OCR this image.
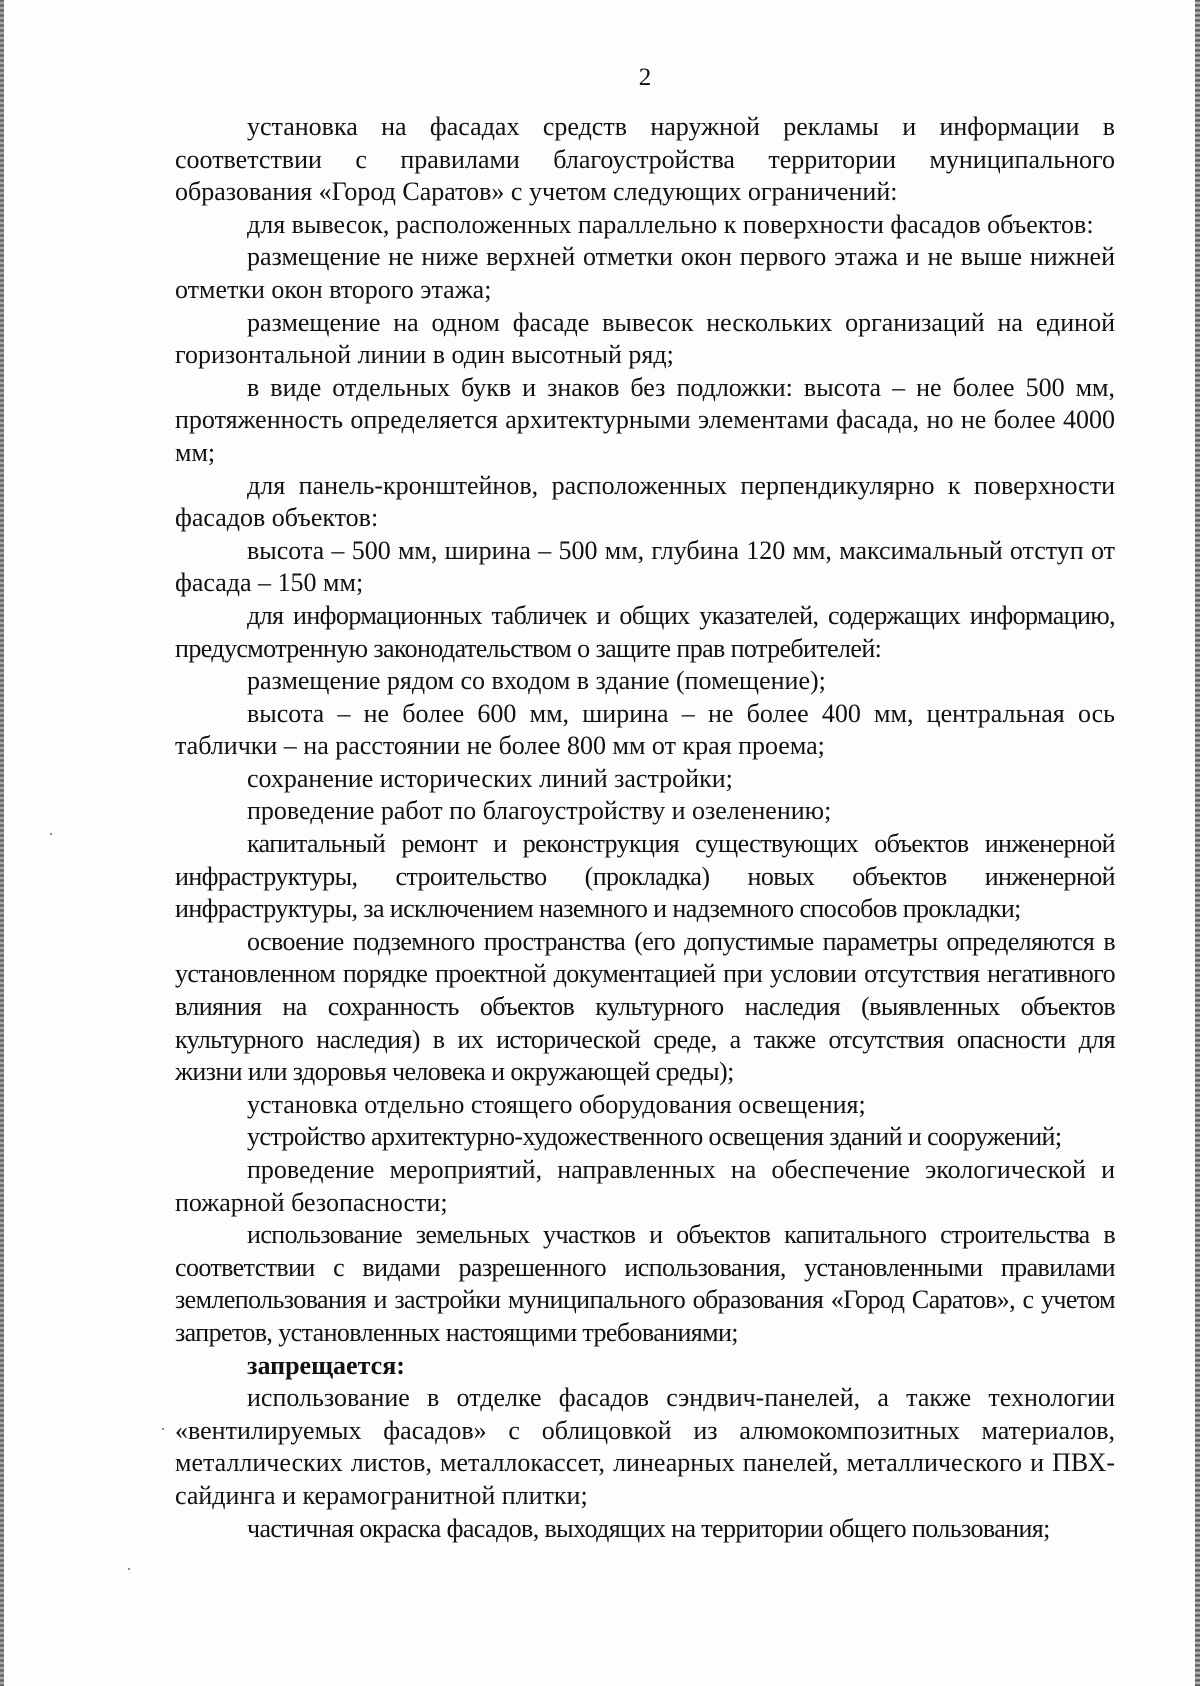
2

установка на фасадах средств наружной рекламы и информации в соответствии с правилами благоустройства территории муниципального образования «Город Саратов» с учетом следующих ограничений:

для вывесок, расположенных параллельно к поверхности фасадов объектов:

размещение не ниже верхней отметки окон первого этажа и не выше нижней отметки окон второго этажа;

размещение на одном фасаде вывесок нескольких организаций на единой горизонтальной линии в один высотный ряд;

в виде отдельных букв и знаков без подложки: высота – не более 500 мм, протяженность определяется архитектурными элементами фасада, но не более 4000 мм;

для панель-кронштейнов, расположенных перпендикулярно к поверхности фасадов объектов:

высота – 500 мм, ширина – 500 мм, глубина 120 мм, максимальный отступ от фасада – 150 мм;

для информационных табличек и общих указателей, содержащих информацию, предусмотренную законодательством о защите прав потребителей:

размещение рядом со входом в здание (помещение);

высота – не более 600 мм, ширина – не более 400 мм, центральная ось таблички – на расстоянии не более 800 мм от края проема;

сохранение исторических линий застройки;

проведение работ по благоустройству и озеленению;

капитальный ремонт и реконструкция существующих объектов инженерной инфраструктуры, строительство (прокладка) новых объектов инженерной инфраструктуры, за исключением наземного и надземного способов прокладки;

освоение подземного пространства (его допустимые параметры определяются в установленном порядке проектной документацией при условии отсутствия негативного влияния на сохранность объектов культурного наследия (выявленных объектов культурного наследия) в их исторической среде, а также отсутствия опасности для жизни или здоровья человека и окружающей среды);

установка отдельно стоящего оборудования освещения;

устройство архитектурно-художественного освещения зданий и сооружений;

проведение мероприятий, направленных на обеспечение экологической и пожарной безопасности;

использование земельных участков и объектов капитального строительства в соответствии с видами разрешенного использования, установленными правилами землепользования и застройки муниципального образования «Город Саратов», с учетом запретов, установленных настоящими требованиями;

запрещается:

использование в отделке фасадов сэндвич-панелей, а также технологии «вентилируемых фасадов» с облицовкой из алюмокомпозитных материалов, металлических листов, металлокассет, линеарных панелей, металлического и ПВХ-сайдинга и керамогранитной плитки;

частичная окраска фасадов, выходящих на территории общего пользования;
